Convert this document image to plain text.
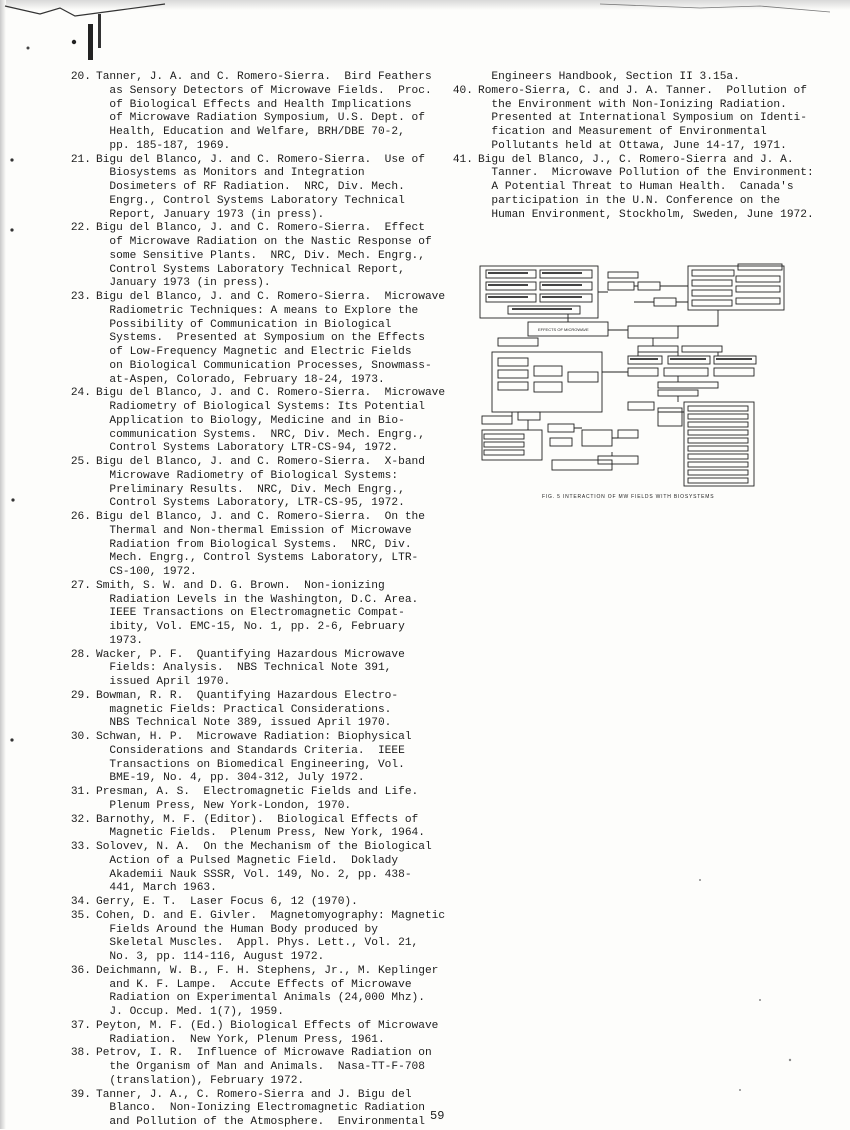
20. Tanner, J. A. and C. Romero-Sierra.  Bird Feathers
as Sensory Detectors of Microwave Fields.  Proc.
of Biological Effects and Health Implications
of Microwave Radiation Symposium, U.S. Dept. of
Health, Education and Welfare, BRH/DBE 70-2,
pp. 185-187, 1969.
21. Bigu del Blanco, J. and C. Romero-Sierra.  Use of
Biosystems as Monitors and Integration
Dosimeters of RF Radiation.  NRC, Div. Mech.
Engrg., Control Systems Laboratory Technical
Report, January 1973 (in press).
22. Bigu del Blanco, J. and C. Romero-Sierra.  Effect
of Microwave Radiation on the Nastic Response of
some Sensitive Plants.  NRC, Div. Mech. Engrg.,
Control Systems Laboratory Technical Report,
January 1973 (in press).
23. Bigu del Blanco, J. and C. Romero-Sierra.  Microwave
Radiometric Techniques: A means to Explore the
Possibility of Communication in Biological
Systems.  Presented at Symposium on the Effects
of Low-Frequency Magnetic and Electric Fields
on Biological Communication Processes, Snowmass-
at-Aspen, Colorado, February 18-24, 1973.
24. Bigu del Blanco, J. and C. Romero-Sierra.  Microwave
Radiometry of Biological Systems: Its Potential
Application to Biology, Medicine and in Bio-
communication Systems.  NRC, Div. Mech. Engrg.,
Control Systems Laboratory LTR-CS-94, 1972.
25. Bigu del Blanco, J. and C. Romero-Sierra.  X-band
Microwave Radiometry of Biological Systems:
Preliminary Results.  NRC, Div. Mech Engrg.,
Control Systems Laboratory, LTR-CS-95, 1972.
26. Bigu del Blanco, J. and C. Romero-Sierra.  On the
Thermal and Non-thermal Emission of Microwave
Radiation from Biological Systems.  NRC, Div.
Mech. Engrg., Control Systems Laboratory, LTR-
CS-100, 1972.
27. Smith, S. W. and D. G. Brown.  Non-ionizing
Radiation Levels in the Washington, D.C. Area.
IEEE Transactions on Electromagnetic Compat-
ibity, Vol. EMC-15, No. 1, pp. 2-6, February
1973.
28. Wacker, P. F.  Quantifying Hazardous Microwave
Fields: Analysis.  NBS Technical Note 391,
issued April 1970.
29. Bowman, R. R.  Quantifying Hazardous Electro-
magnetic Fields: Practical Considerations.
NBS Technical Note 389, issued April 1970.
30. Schwan, H. P.  Microwave Radiation: Biophysical
Considerations and Standards Criteria.  IEEE
Transactions on Biomedical Engineering, Vol.
BME-19, No. 4, pp. 304-312, July 1972.
31. Presman, A. S.  Electromagnetic Fields and Life.
Plenum Press, New York-London, 1970.
32. Barnothy, M. F. (Editor).  Biological Effects of
Magnetic Fields.  Plenum Press, New York, 1964.
33. Solovev, N. A.  On the Mechanism of the Biological
Action of a Pulsed Magnetic Field.  Doklady
Akademii Nauk SSSR, Vol. 149, No. 2, pp. 438-
441, March 1963.
34. Gerry, E. T.  Laser Focus 6, 12 (1970).
35. Cohen, D. and E. Givler.  Magnetomyography: Magnetic
Fields Around the Human Body produced by
Skeletal Muscles.  Appl. Phys. Lett., Vol. 21,
No. 3, pp. 114-116, August 1972.
36. Deichmann, W. B., F. H. Stephens, Jr., M. Keplinger
and K. F. Lampe.  Accute Effects of Microwave
Radiation on Experimental Animals (24,000 Mhz).
J. Occup. Med. 1(7), 1959.
37. Peyton, M. F. (Ed.) Biological Effects of Microwave
Radiation.  New York, Plenum Press, 1961.
38. Petrov, I. R.  Influence of Microwave Radiation on
the Organism of Man and Animals.  Nasa-TT-F-708
(translation), February 1972.
39. Tanner, J. A., C. Romero-Sierra and J. Bigu del
Blanco.  Non-Ionizing Electromagnetic Radiation
and Pollution of the Atmosphere.  Environmental
Engineers Handbook, Section II 3.15a.
40. Romero-Sierra, C. and J. A. Tanner.  Pollution of
the Environment with Non-Ionizing Radiation.
Presented at International Symposium on Identi-
fication and Measurement of Environmental
Pollutants held at Ottawa, June 14-17, 1971.
41. Bigu del Blanco, J., C. Romero-Sierra and J. A.
Tanner.  Microwave Pollution of the Environment:
A Potential Threat to Human Health.  Canada's
participation in the U.N. Conference on the
Human Environment, Stockholm, Sweden, June 1972.
EFFECTS OF MICROWAVE
FIG. 5 INTERACTION OF MW FIELDS WITH BIOSYSTEMS
59
